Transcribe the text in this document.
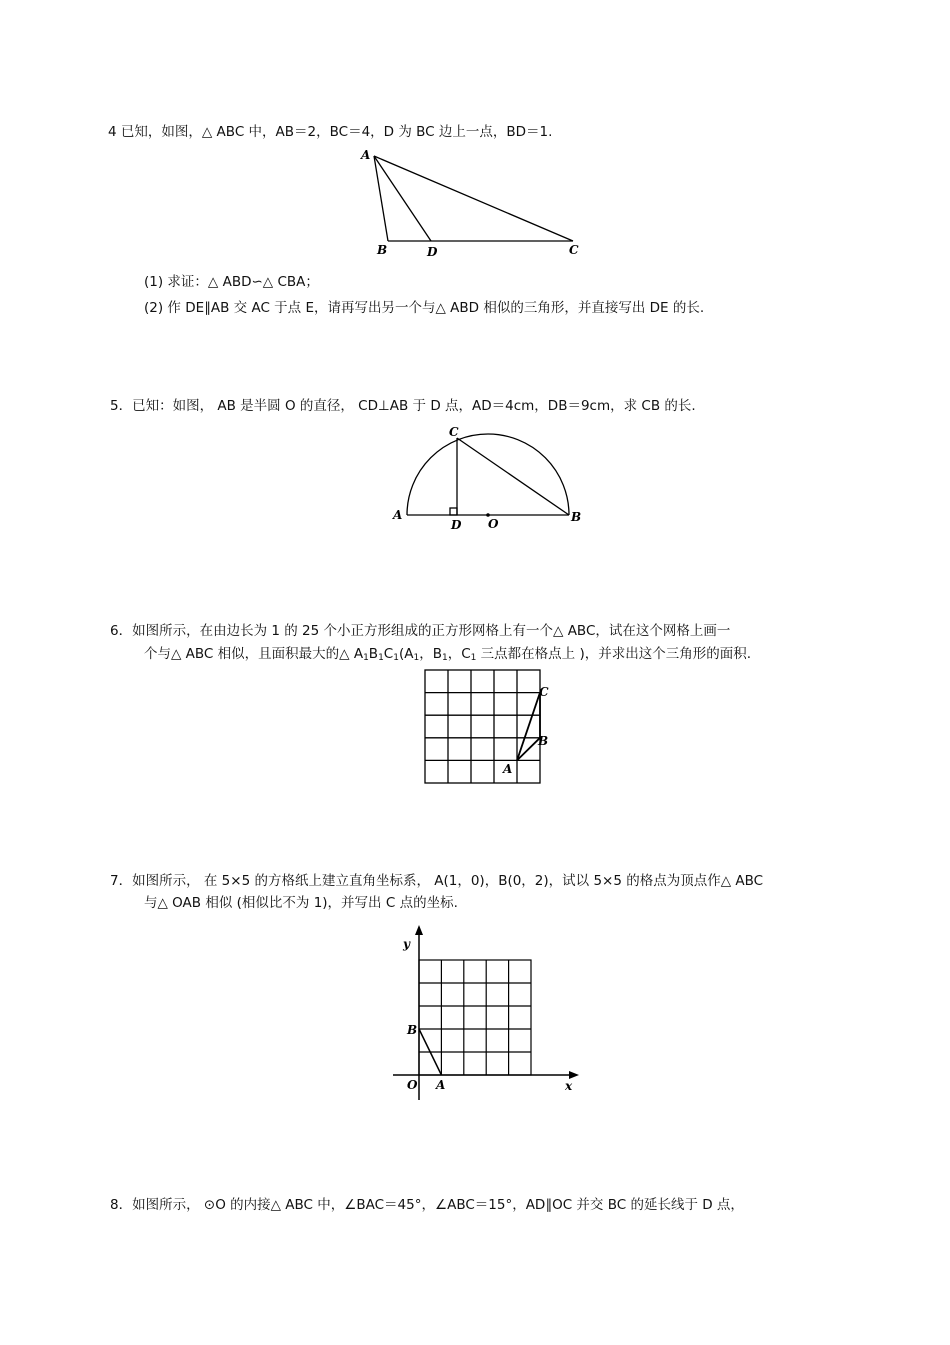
4 已知，如图，△ ABC 中，AB＝2，BC＝4，D 为 BC 边上一点，BD＝1.
A
B	D	C
(1) 求证：△ ABD∽△ CBA；
(2) 作 DE∥AB 交 AC 于点 E，请再写出另一个与△ ABD 相似的三角形，并直接写出 DE 的长.
5．已知：如图， AB 是半圆 O 的直径， CD⊥AB 于 D 点，AD＝4cm，DB＝9cm，求 CB 的长.
A
C
D O	B
6．如图所示，在由边长为 1 的 25 个小正方形组成的正方形网格上有一个△ ABC，试在这个网格上画一
个与△ ABC 相似，且面积最大的△ $A_1B_1C_1(A_1$，$B_1$，$C_1$ 三点都在格点上 )，并求出这个三角形的面积.
A
B
C
7．如图所示， 在 5×5 的方格纸上建立直角坐标系， A(1，0)，B(0，2)，试以 5×5 的格点为顶点作△ ABC
与△ OAB 相似 (相似比不为 1)，并写出 C 点的坐标.
y
x
B
O A
8．如图所示， ⊙O 的内接△ ABC 中，∠BAC＝45°，∠ABC＝15°，AD∥OC 并交 BC 的延长线于 D 点，
